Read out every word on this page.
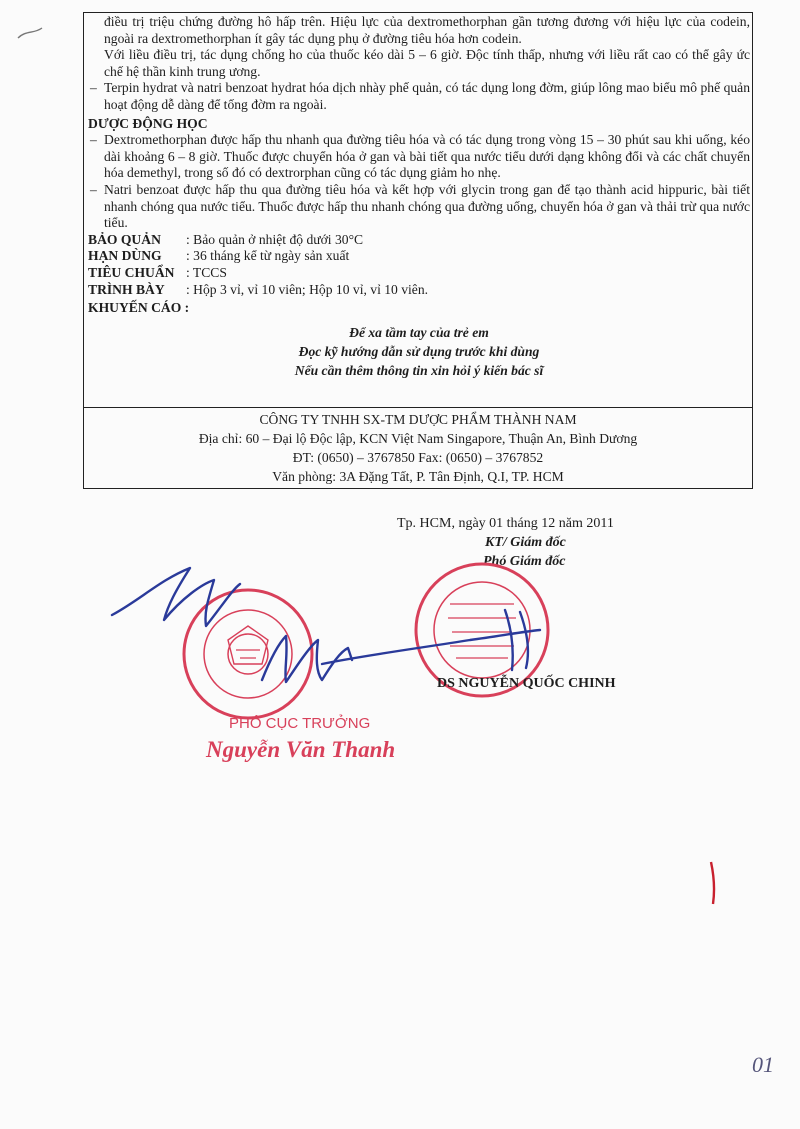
điều trị triệu chứng đường hô hấp trên. Hiệu lực của dextromethorphan gần tương đương với hiệu lực của codein, ngoài ra dextromethorphan ít gây tác dụng phụ ở đường tiêu hóa hơn codein.

Với liều điều trị, tác dụng chống ho của thuốc kéo dài 5 – 6 giờ. Độc tính thấp, nhưng với liều rất cao có thể gây ức chế hệ thần kinh trung ương.

– Terpin hydrat và natri benzoat hydrat hóa dịch nhày phế quản, có tác dụng long đờm, giúp lông mao biểu mô phế quản hoạt động dễ dàng để tống đờm ra ngoài.

DƯỢC ĐỘNG HỌC

– Dextromethorphan được hấp thu nhanh qua đường tiêu hóa và có tác dụng trong vòng 15 – 30 phút sau khi uống, kéo dài khoảng 6 – 8 giờ. Thuốc được chuyển hóa ở gan và bài tiết qua nước tiểu dưới dạng không đổi và các chất chuyển hóa demethyl, trong số đó có dextrorphan cũng có tác dụng giảm ho nhẹ.

– Natri benzoat được hấp thu qua đường tiêu hóa và kết hợp với glycin trong gan để tạo thành acid hippuric, bài tiết nhanh chóng qua nước tiểu. Thuốc được hấp thu nhanh chóng qua đường uống, chuyển hóa ở gan và thải trừ qua nước tiểu.

BẢO QUẢN	: Bảo quản ở nhiệt độ dưới 30°C
HẠN DÙNG	: 36 tháng kể từ ngày sản xuất
TIÊU CHUẨN : TCCS
TRÌNH BÀY	: Hộp 3 vỉ, vỉ 10 viên; Hộp 10 vỉ, vỉ 10 viên.

KHUYẾN CÁO :

Để xa tầm tay của trẻ em

Đọc kỹ hướng dẫn sử dụng trước khi dùng

Nếu cần thêm thông tin xin hỏi ý kiến bác sĩ

CÔNG TY TNHH SX-TM DƯỢC PHẨM THÀNH NAM
Địa chỉ: 60 – Đại lộ Độc lập, KCN Việt Nam Singapore, Thuận An, Bình Dương
ĐT: (0650) – 3767850 Fax: (0650) – 3767852
Văn phòng: 3A Đặng Tất, P. Tân Định, Q.I, TP. HCM
Tp. HCM, ngày 01 tháng 12 năm 2011
KT/ Giám đốc
Phó Giám đốc
PHÓ CỤC TRƯỞNG
Nguyễn Văn Thanh
DS NGUYỄN QUỐC CHINH
01
